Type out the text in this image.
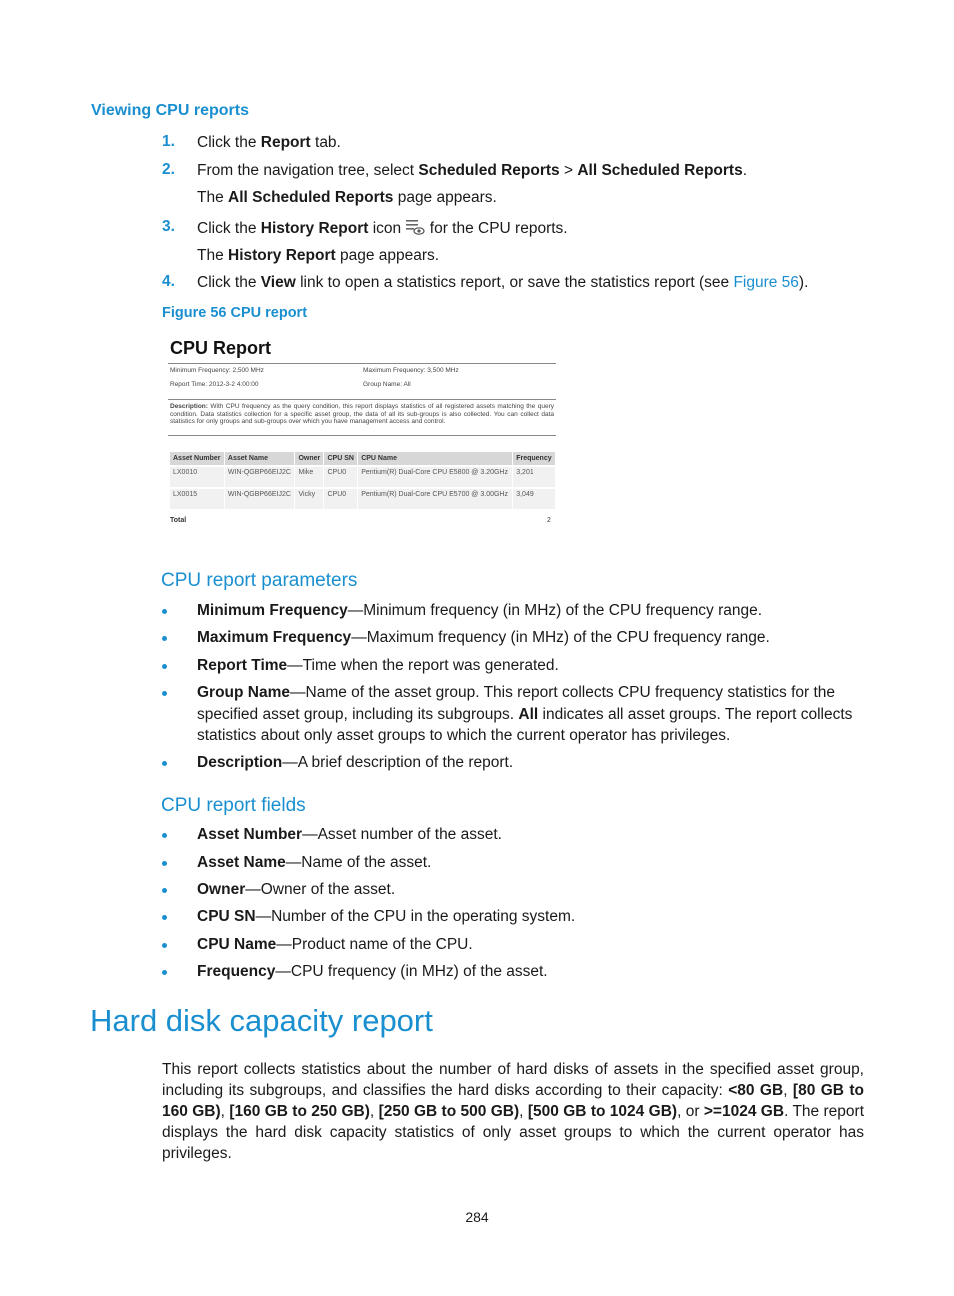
Viewing CPU reports
1.	Click the Report tab.
2.	From the navigation tree, select Scheduled Reports > All Scheduled Reports.
The All Scheduled Reports page appears.
3.	Click the History Report icon  for the CPU reports.
The History Report page appears.
4.	Click the View link to open a statistics report, or save the statistics report (see Figure 56).
Figure 56 CPU report
CPU Report
Minimum Frequency: 2,500 MHz	Maximum Frequency: 3,500 MHz
Report Time: 2012-3-2 4:00:00	Group Name: All
Description: With CPU frequency as the query condition, this report displays statistics of all registered assets matching the query condition. Data statistics collection for a specific asset group, the data of all its sub-groups is also collected. You can collect data statistics for only groups and sub-groups over which you have management access and control.
Asset Number	Asset Name	Owner	CPU SN	CPU Name	Frequency
LX0010	WIN-QGBP66EIJ2C	Mike	CPU0	Pentium(R) Dual-Core CPU E5800 @ 3.20GHz	3,201
LX0015	WIN-QGBP66EIJ2C	Vicky	CPU0	Pentium(R) Dual-Core CPU E5700 @ 3.00GHz	3,049
Total	2
CPU report parameters
Minimum Frequency—Minimum frequency (in MHz) of the CPU frequency range.
Maximum Frequency—Maximum frequency (in MHz) of the CPU frequency range.
Report Time—Time when the report was generated.
Group Name—Name of the asset group. This report collects CPU frequency statistics for the
specified asset group, including its subgroups. All indicates all asset groups. The report collects
statistics about only asset groups to which the current operator has privileges.
Description—A brief description of the report.
CPU report fields
Asset Number—Asset number of the asset.
Asset Name—Name of the asset.
Owner—Owner of the asset.
CPU SN—Number of the CPU in the operating system.
CPU Name—Product name of the CPU.
Frequency—CPU frequency (in MHz) of the asset.
Hard disk capacity report
This report collects statistics about the number of hard disks of assets in the specified asset group, including its subgroups, and classifies the hard disks according to their capacity: <80 GB, [80 GB to 160 GB), [160 GB to 250 GB), [250 GB to 500 GB), [500 GB to 1024 GB), or >=1024 GB. The report displays the hard disk capacity statistics of only asset groups to which the current operator has privileges.
284
